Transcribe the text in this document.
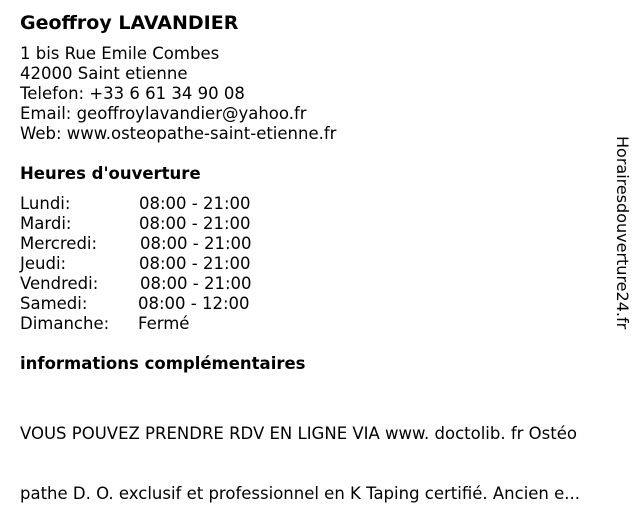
Geoffroy LAVANDIER
1 bis Rue Emile Combes
42000 Saint etienne
Telefon: +33 6 61 34 90 08
Email: geoffroylavandier@yahoo.fr
Web: www.osteopathe-saint-etienne.fr
Heures d'ouverture
Lundi:	08:00 - 21:00
Mardi:	08:00 - 21:00
Mercredi:	08:00 - 21:00
Jeudi:	08:00 - 21:00
Vendredi:	08:00 - 21:00
Samedi:	08:00 - 12:00
Dimanche: Fermé
informations complémentaires

VOUS POUVEZ PRENDRE RDV EN LIGNE VIA www. doctolib. fr Ostéo

pathe D. O. exclusif et professionnel en K Taping certifié. Ancien e...

Horairesdouverture24.fr
